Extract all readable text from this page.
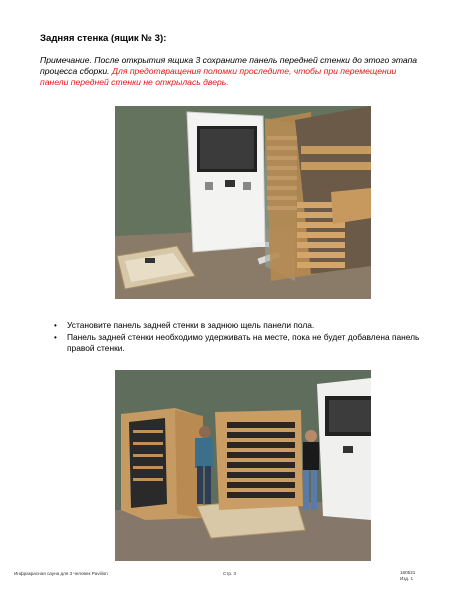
Задняя стенка (ящик № 3):
Примечание. После открытия ящика 3 сохраните панель передней стенки до этого этапа процесса сборки. Для предотвращения поломки проследите, чтобы при перемещении панели передней стенки не открылась дверь.
• Установите панель задней стенки в заднюю щель панели пола.
• Панель задней стенки необходимо удерживать на месте, пока не будет добавлена панель правой стенки.
Инфракрасная сауна для 3 человек Pavilion	Стр. 3	180521
Изд. 1
